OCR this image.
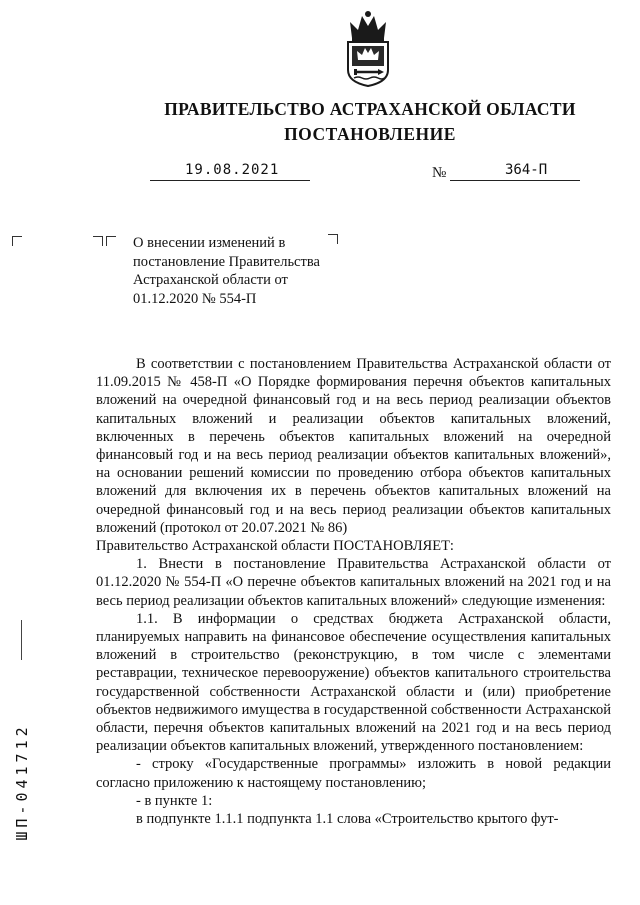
ПРАВИТЕЛЬСТВО АСТРАХАНСКОЙ ОБЛАСТИ
ПОСТАНОВЛЕНИЕ
19.08.2021	№	364-П
О внесении изменений в постановление Правительства Астраханской области от 01.12.2020 № 554-П

В соответствии с постановлением Правительства Астраханской области от 11.09.2015 № 458-П «О Порядке формирования перечня объектов капитальных вложений на очередной финансовый год и на весь период реализации объектов капитальных вложений и реализации объектов капитальных вложений, включенных в перечень объектов капитальных вложений на очередной финансовый год и на весь период реализации объектов капитальных вложений», на основании решений комиссии по проведению отбора объектов капитальных вложений для включения их в перечень объектов капитальных вложений на очередной финансовый год и на весь период реализации объектов капитальных вложений (протокол от 20.07.2021 № 86)

Правительство Астраханской области ПОСТАНОВЛЯЕТ:

1. Внести в постановление Правительства Астраханской области от 01.12.2020 № 554-П «О перечне объектов капитальных вложений на 2021 год и на весь период реализации объектов капитальных вложений» следующие изменения:

1.1. В информации о средствах бюджета Астраханской области, планируемых направить на финансовое обеспечение осуществления капитальных вложений в строительство (реконструкцию, в том числе с элементами реставрации, техническое перевооружение) объектов капитального строительства государственной собственности Астраханской области и (или) приобретение объектов недвижимого имущества в государственной собственности Астраханской области, перечня объектов капитальных вложений на 2021 год и на весь период реализации объектов капитальных вложений, утвержденного постановлением:

- строку «Государственные программы» изложить в новой редакции согласно приложению к настоящему постановлению;

- в пункте 1:

в подпункте 1.1.1 подпункта 1.1 слова «Строительство крытого фут-

ШП-041712
